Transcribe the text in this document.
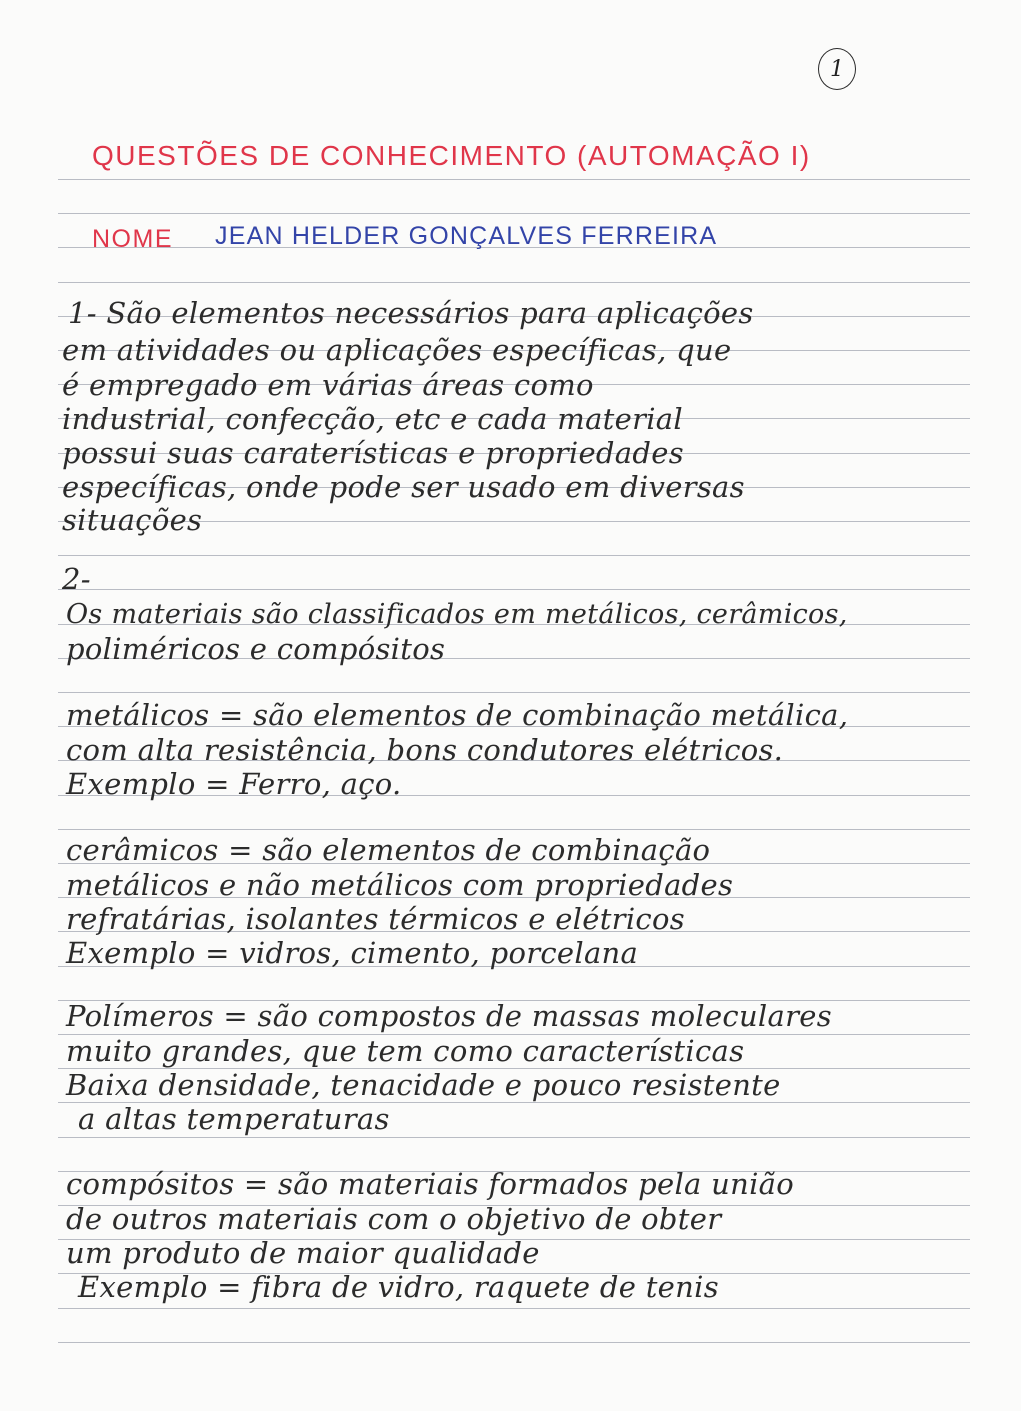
1
QUESTÕES DE CONHECIMENTO (AUTOMAÇÃO I)
NOME JEAN HELDER GONÇALVES FERREIRA
1- São elementos necessários para aplicações
em atividades ou aplicações específicas, que
é empregado em várias áreas como
industrial, confecção, etc e cada material
possui suas caraterísticas e propriedades
específicas, onde pode ser usado em diversas
situações
2-
Os materiais são classificados em metálicos, cerâmicos,
poliméricos e compósitos
metálicos = são elementos de combinação metálica,
com alta resistência, bons condutores elétricos.
Exemplo = Ferro, aço.
cerâmicos = são elementos de combinação
metálicos e não metálicos com propriedades
refratárias, isolantes térmicos e elétricos
Exemplo = vidros, cimento, porcelana
Polímeros = são compostos de massas moleculares
muito grandes, que tem como características
Baixa densidade, tenacidade e pouco resistente
a altas temperaturas
compósitos = são materiais formados pela união
de outros materiais com o objetivo de obter
um produto de maior qualidade
Exemplo = fibra de vidro, raquete de tenis
